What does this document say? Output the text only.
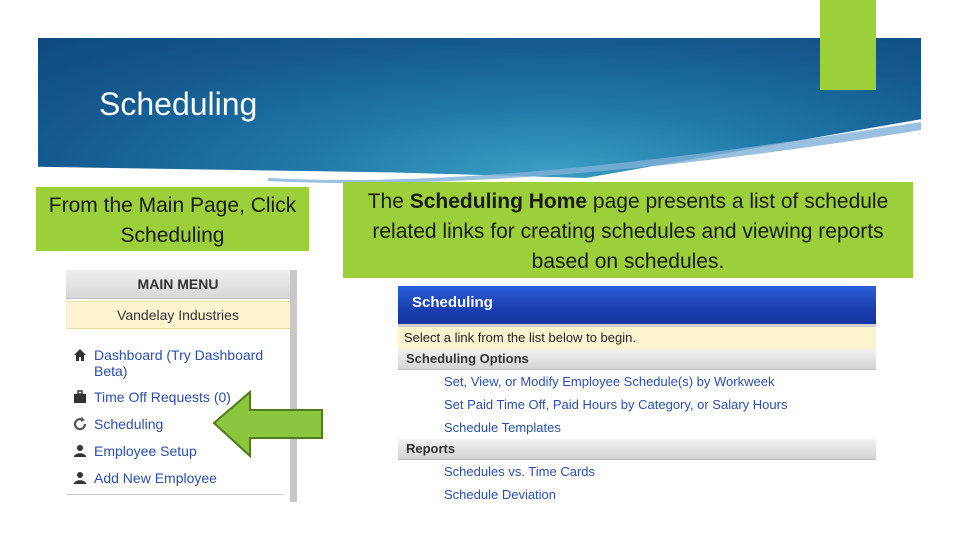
Scheduling
From the Main Page, Click Scheduling
The Scheduling Home page presents a list of schedule related links for creating schedules and viewing reports based on schedules.
MAIN MENU
Vandelay Industries
Dashboard (Try Dashboard Beta)
Time Off Requests (0)
Scheduling
Employee Setup
Add New Employee
Scheduling
Select a link from the list below to begin.
Scheduling Options
Set, View, or Modify Employee Schedule(s) by Workweek
Set Paid Time Off, Paid Hours by Category, or Salary Hours
Schedule Templates
Reports
Schedules vs. Time Cards
Schedule Deviation
